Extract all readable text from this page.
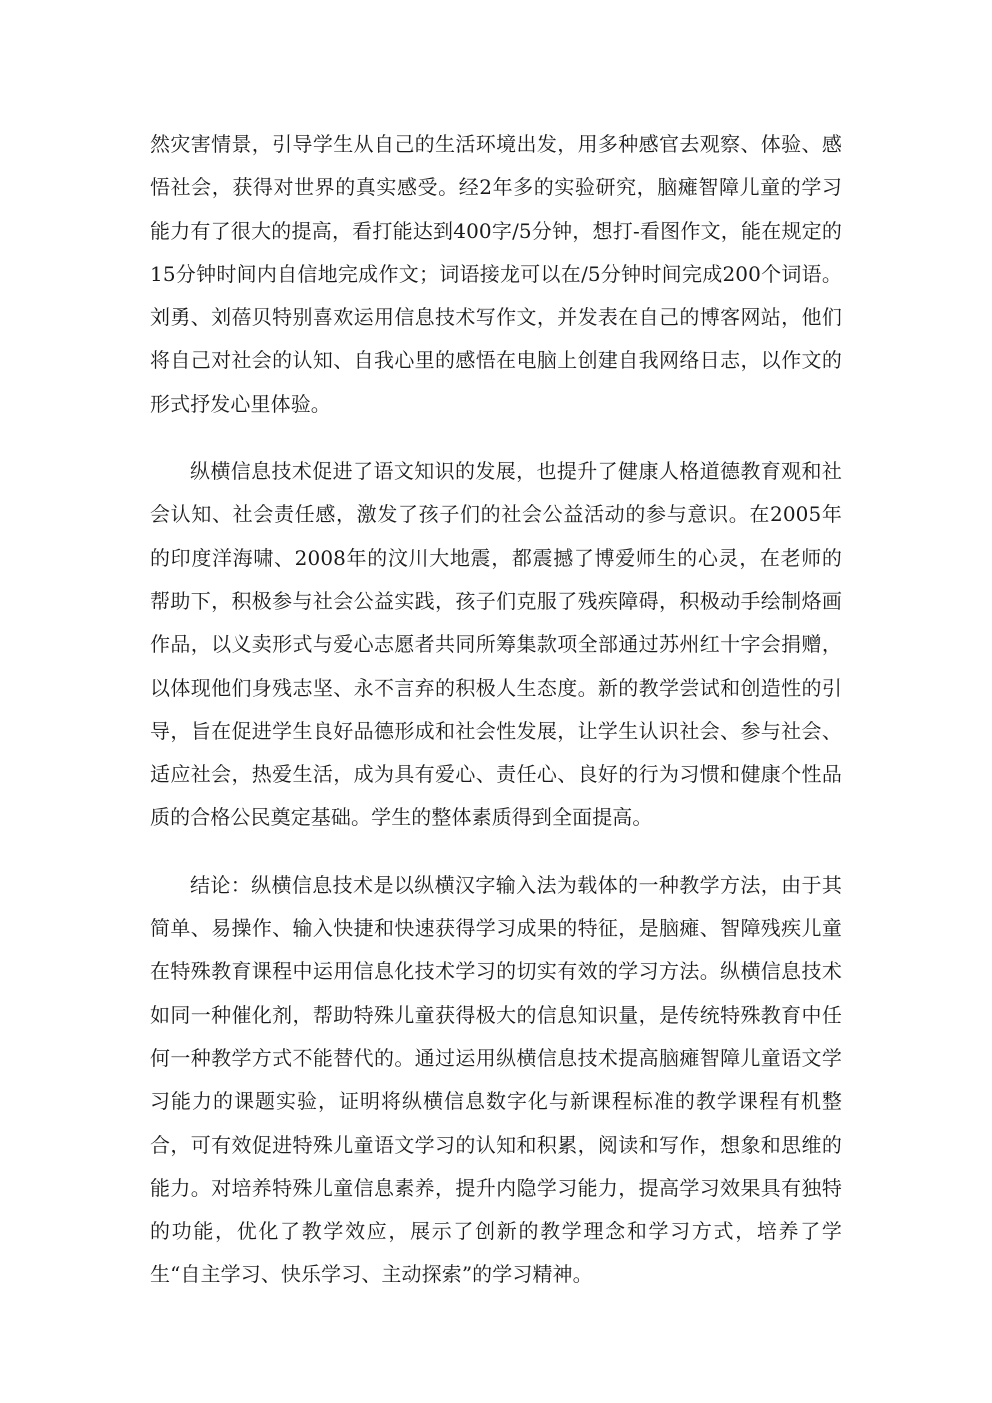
然灾害情景，引导学生从自己的生活环境出发，用多种感官去观察、体验、感悟社会，获得对世界的真实感受。经2年多的实验研究，脑瘫智障儿童的学习能力有了很大的提高，看打能达到400字/5分钟，想打-看图作文，能在规定的15分钟时间内自信地完成作文；词语接龙可以在/5分钟时间完成200个词语。刘勇、刘蓓贝特别喜欢运用信息技术写作文，并发表在自己的博客网站，他们将自己对社会的认知、自我心里的感悟在电脑上创建自我网络日志，以作文的形式抒发心里体验。

纵横信息技术促进了语文知识的发展，也提升了健康人格道德教育观和社会认知、社会责任感，激发了孩子们的社会公益活动的参与意识。在2005年的印度洋海啸、2008年的汶川大地震，都震撼了博爱师生的心灵，在老师的帮助下，积极参与社会公益实践，孩子们克服了残疾障碍，积极动手绘制烙画作品，以义卖形式与爱心志愿者共同所筹集款项全部通过苏州红十字会捐赠，以体现他们身残志坚、永不言弃的积极人生态度。新的教学尝试和创造性的引导，旨在促进学生良好品德形成和社会性发展，让学生认识社会、参与社会、适应社会，热爱生活，成为具有爱心、责任心、良好的行为习惯和健康个性品质的合格公民奠定基础。学生的整体素质得到全面提高。

结论：纵横信息技术是以纵横汉字输入法为载体的一种教学方法，由于其简单、易操作、输入快捷和快速获得学习成果的特征，是脑瘫、智障残疾儿童在特殊教育课程中运用信息化技术学习的切实有效的学习方法。纵横信息技术如同一种催化剂，帮助特殊儿童获得极大的信息知识量，是传统特殊教育中任何一种教学方式不能替代的。通过运用纵横信息技术提高脑瘫智障儿童语文学习能力的课题实验，证明将纵横信息数字化与新课程标准的教学课程有机整合，可有效促进特殊儿童语文学习的认知和积累，阅读和写作，想象和思维的能力。对培养特殊儿童信息素养，提升内隐学习能力，提高学习效果具有独特的功能，优化了教学效应，展示了创新的教学理念和学习方式，培养了学生“自主学习、快乐学习、主动探索”的学习精神。
